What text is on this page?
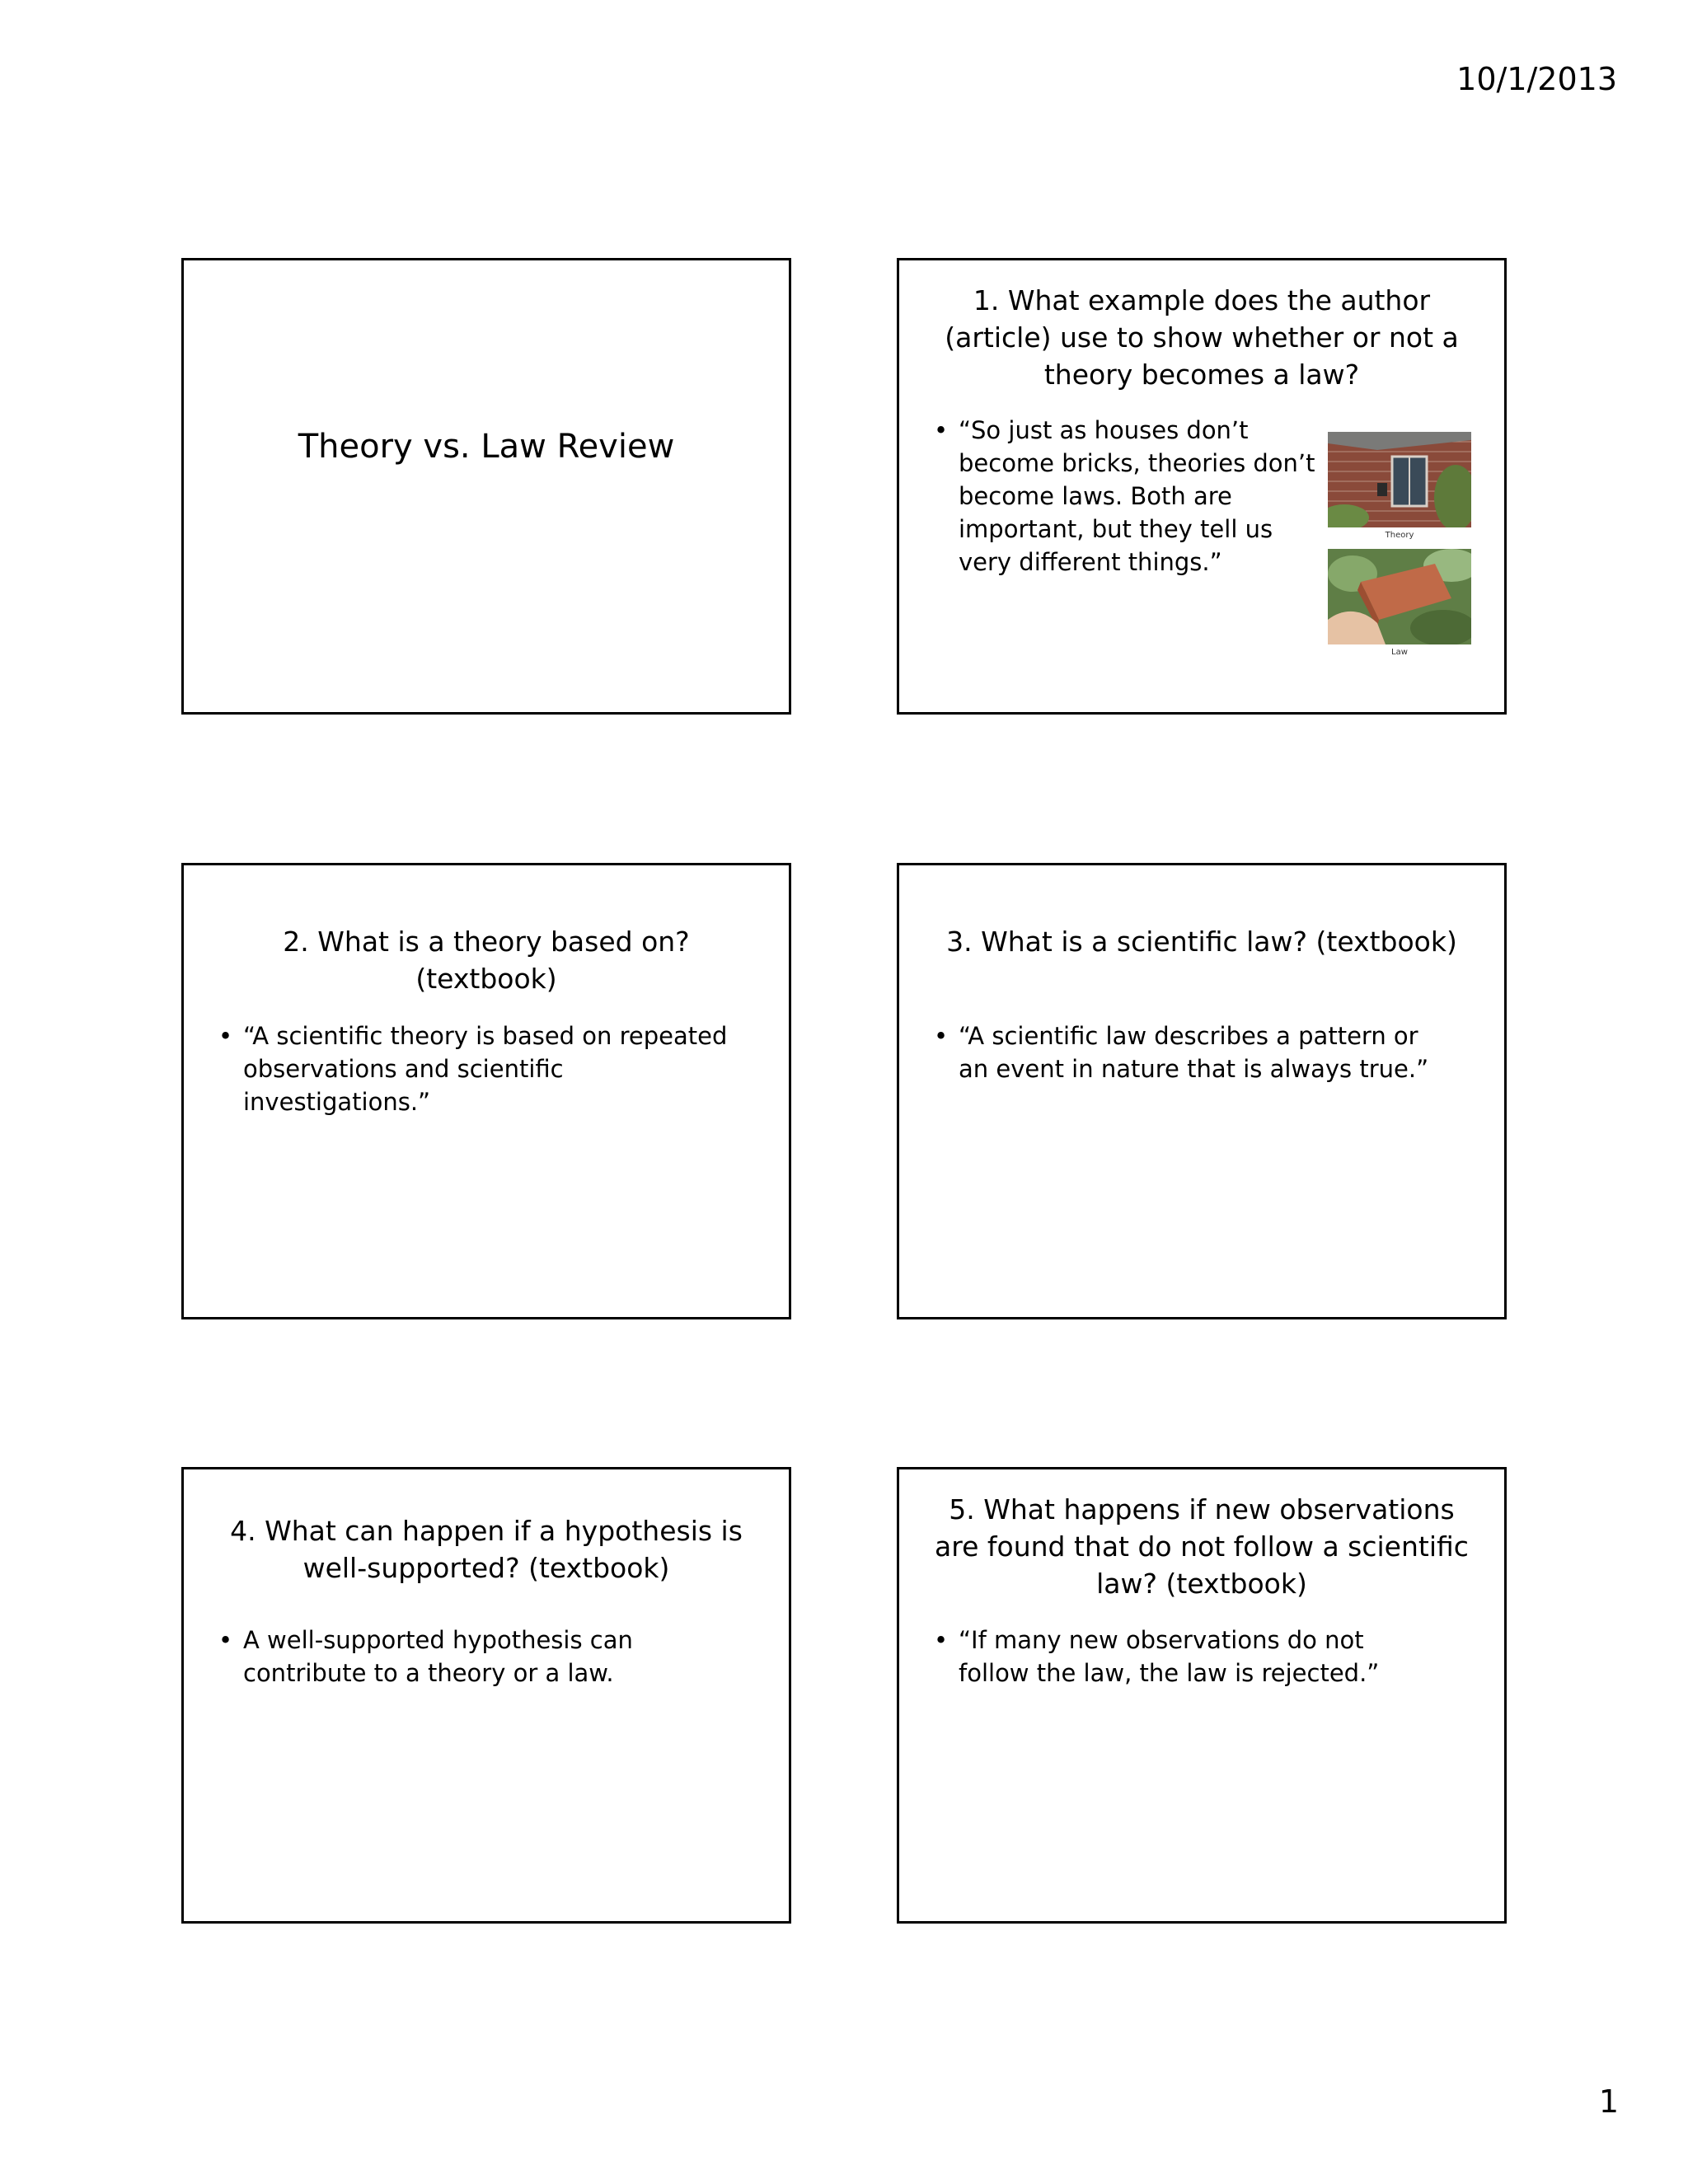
10/1/2013
Theory vs. Law Review
1. What example does the author (article) use to show whether or not a theory becomes a law?
• “So just as houses don’t become bricks, theories don’t become laws. Both are important, but they tell us very different things.”
Theory
Law
2. What is a theory based on? (textbook)
• “A scientific theory is based on repeated observations and scientific investigations.”
3. What is a scientific law? (textbook)
• “A scientific law describes a pattern or an event in nature that is always true.”
4. What can happen if a hypothesis is well-supported? (textbook)
• A well-supported hypothesis can contribute to a theory or a law.
5. What happens if new observations are found that do not follow a scientific law? (textbook)
• “If many new observations do not follow the law, the law is rejected.”
1
